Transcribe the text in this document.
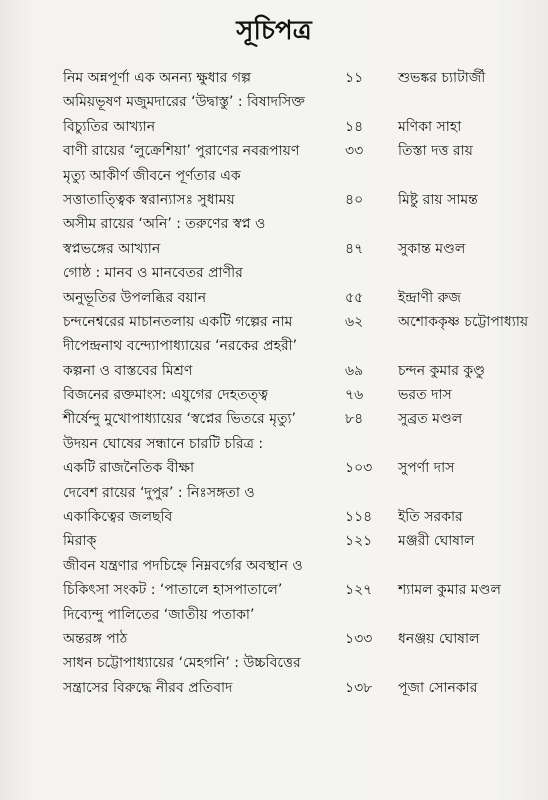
সূচিপত্র
নিম অন্নপূর্ণা এক অনন্য ক্ষুধার গল্প	১১	শুভঙ্কর চ্যাটার্জী
অমিয়ভূষণ মজুমদারের ‘উদ্বাস্তু’ : বিষাদসিক্ত
বিচ্যুতির আখ্যান	১৪	মণিকা সাহা
বাণী রায়ের ‘লুক্রেশিয়া’ পুরাণের নবরূপায়ণ	৩৩	তিস্তা দত্ত রায়
মৃত্যু আকীর্ণ জীবনে পূর্ণতার এক
সত্তাতাত্ত্বিক স্বরান্যাসঃ সুধাময়	৪০	মিষ্টু রায় সামন্ত
অসীম রায়ের ‘অনি’ : তরুণের স্বপ্ন ও
স্বপ্নভঙ্গের আখ্যান	৪৭	সুকান্ত মণ্ডল
গোষ্ঠ : মানব ও মানবেতর প্রাণীর
অনুভূতির উপলব্ধির বয়ান	৫৫	ইন্দ্রাণী রুজ
চন্দনেশ্বরের মাচানতলায় একটি গল্পের নাম	৬২	অশোককৃষ্ণ চট্টোপাধ্যায়
দীপেন্দ্রনাথ বন্দ্যোপাধ্যায়ের ‘নরকের প্রহরী’
কল্পনা ও বাস্তবের মিশ্রণ	৬৯	চন্দন কুমার কুণ্ডু
বিজনের রক্তমাংস: এযুগের দেহতত্ত্ব	৭৬	ভরত দাস
শীর্ষেন্দু মুখোপাধ্যায়ের ‘স্বপ্নের ভিতরে মৃত্যু’	৮৪	সুব্রত মণ্ডল
উদয়ন ঘোষের সন্ধানে চারটি চরিত্র :
একটি রাজনৈতিক বীক্ষা	১০৩	সুপর্ণা দাস
দেবেশ রায়ের ‘দুপুর’ : নিঃসঙ্গতা ও
একাকিত্বের জলছবি	১১৪	ইতি সরকার
মিরাক্	১২১	মঞ্জরী ঘোষাল
জীবন যন্ত্রণার পদচিহ্নে নিম্নবর্গের অবস্থান ও
চিকিৎসা সংকট : ‘পাতালে হাসপাতালে’	১২৭	শ্যামল কুমার মণ্ডল
দিব্যেন্দু পালিতের ‘জাতীয় পতাকা’
অন্তরঙ্গ পাঠ	১৩৩	ধনঞ্জয় ঘোষাল
সাধন চট্টোপাধ্যায়ের ‘মেহগনি’ : উচ্চবিত্তের
সন্ত্রাসের বিরুদ্ধে নীরব প্রতিবাদ	১৩৮	পূজা সোনকার
